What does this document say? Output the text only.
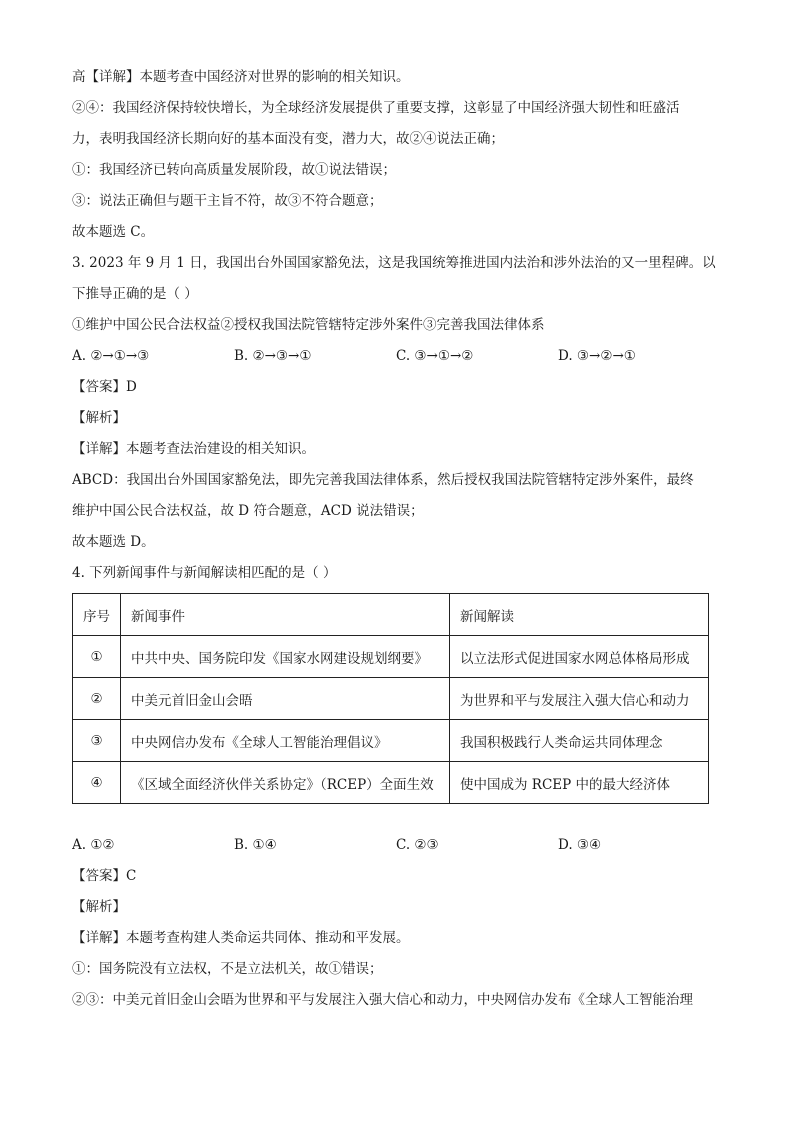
高【详解】本题考查中国经济对世界的影响的相关知识。
②④：我国经济保持较快增长，为全球经济发展提供了重要支撑，这彰显了中国经济强大韧性和旺盛活
力，表明我国经济长期向好的基本面没有变，潜力大，故②④说法正确；
①：我国经济已转向高质量发展阶段，故①说法错误；
③：说法正确但与题干主旨不符，故③不符合题意；
故本题选 C。
3. 2023 年 9 月 1 日，我国出台外国国家豁免法，这是我国统筹推进国内法治和涉外法治的又一里程碑。以
下推导正确的是（ ）
①维护中国公民合法权益②授权我国法院管辖特定涉外案件③完善我国法律体系
A. ②→①→③	B. ②→③→①	C. ③→①→②	D. ③→②→①
【答案】D
【解析】
【详解】本题考查法治建设的相关知识。
ABCD：我国出台外国国家豁免法，即先完善我国法律体系，然后授权我国法院管辖特定涉外案件，最终
维护中国公民合法权益，故 D 符合题意，ACD 说法错误；
故本题选 D。
4. 下列新闻事件与新闻解读相匹配的是（ ）
序号	新闻事件	新闻解读
①	中共中央、国务院印发《国家水网建设规划纲要》	以立法形式促进国家水网总体格局形成
②	中美元首旧金山会晤	为世界和平与发展注入强大信心和动力
③	中央网信办发布《全球人工智能治理倡议》	我国积极践行人类命运共同体理念
④	《区域全面经济伙伴关系协定》（RCEP）全面生效	使中国成为 RCEP 中的最大经济体
A. ①②	B. ①④	C. ②③	D. ③④
【答案】C
【解析】
【详解】本题考查构建人类命运共同体、推动和平发展。
①：国务院没有立法权，不是立法机关，故①错误；
②③：中美元首旧金山会晤为世界和平与发展注入强大信心和动力，中央网信办发布《全球人工智能治理
